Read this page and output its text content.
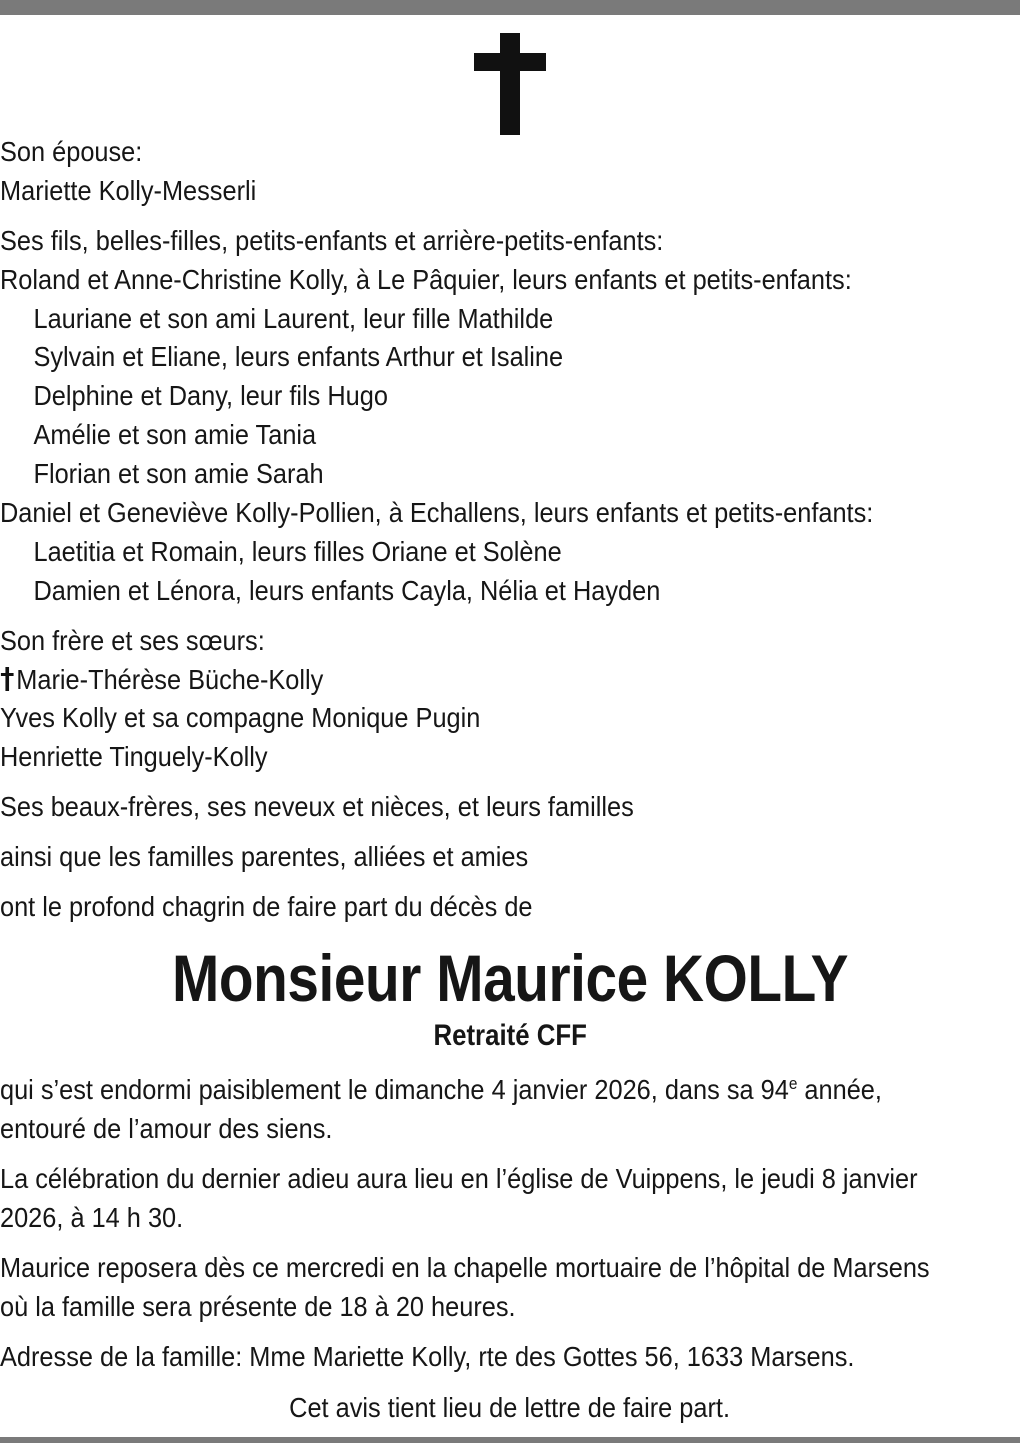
Son épouse:
Mariette Kolly-Messerli
Ses fils, belles-filles, petits-enfants et arrière-petits-enfants:
Roland et Anne-Christine Kolly, à Le Pâquier, leurs enfants et petits-enfants:
Lauriane et son ami Laurent, leur fille Mathilde
Sylvain et Eliane, leurs enfants Arthur et Isaline
Delphine et Dany, leur fils Hugo
Amélie et son amie Tania
Florian et son amie Sarah
Daniel et Geneviève Kolly-Pollien, à Echallens, leurs enfants et petits-enfants:
Laetitia et Romain, leurs filles Oriane et Solène
Damien et Lénora, leurs enfants Cayla, Nélia et Hayden
Son frère et ses sœurs:
Marie-Thérèse Büche-Kolly
Yves Kolly et sa compagne Monique Pugin
Henriette Tinguely-Kolly
Ses beaux-frères, ses neveux et nièces, et leurs familles
ainsi que les familles parentes, alliées et amies
ont le profond chagrin de faire part du décès de
Monsieur Maurice KOLLY
Retraité CFF
qui s’est endormi paisiblement le dimanche 4 janvier 2026, dans sa 94e année,
entouré de l’amour des siens.
La célébration du dernier adieu aura lieu en l’église de Vuippens, le jeudi 8 janvier
2026, à 14 h 30.
Maurice reposera dès ce mercredi en la chapelle mortuaire de l’hôpital de Marsens
où la famille sera présente de 18 à 20 heures.
Adresse de la famille: Mme Mariette Kolly, rte des Gottes 56, 1633 Marsens.
Cet avis tient lieu de lettre de faire part.
